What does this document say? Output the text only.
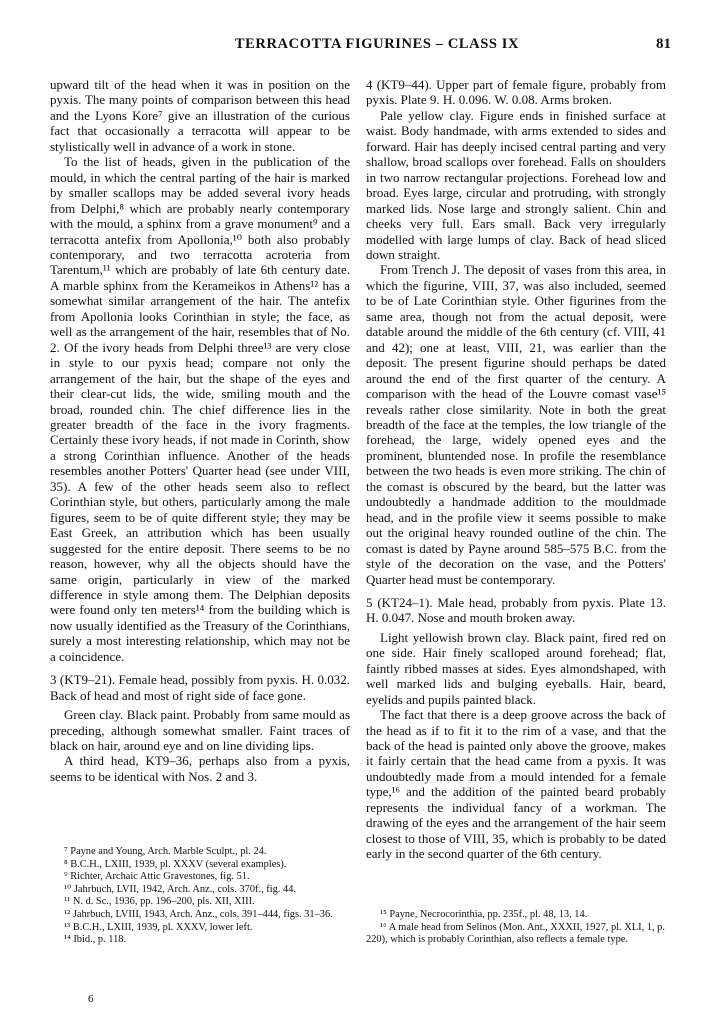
TERRACOTTA FIGURINES – CLASS IX	81

upward tilt of the head when it was in position on the pyxis. The many points of comparison between this head and the Lyons Kore⁷ give an illustration of the curious fact that occasionally a terracotta will appear to be stylistically well in advance of a work in stone.

To the list of heads, given in the publication of the mould, in which the central parting of the hair is marked by smaller scallops may be added several ivory heads from Delphi,⁸ which are probably nearly contemporary with the mould, a sphinx from a grave monument⁹ and a terracotta antefix from Apollonia,¹⁰ both also probably contemporary, and two terracotta acroteria from Tarentum,¹¹ which are probably of late 6th century date. A marble sphinx from the Kerameikos in Athens¹² has a somewhat similar arrangement of the hair. The antefix from Apollonia looks Corinthian in style; the face, as well as the arrangement of the hair, resembles that of No. 2. Of the ivory heads from Delphi three¹³ are very close in style to our pyxis head; compare not only the arrangement of the hair, but the shape of the eyes and their clear-cut lids, the wide, smiling mouth and the broad, rounded chin. The chief difference lies in the greater breadth of the face in the ivory fragments. Certainly these ivory heads, if not made in Corinth, show a strong Corinthian influence. Another of the heads resembles another Potters' Quarter head (see under VIII, 35). A few of the other heads seem also to reflect Corinthian style, but others, particularly among the male figures, seem to be of quite different style; they may be East Greek, an attribution which has been usually suggested for the entire deposit. There seems to be no reason, however, why all the objects should have the same origin, particularly in view of the marked difference in style among them. The Delphian deposits were found only ten meters¹⁴ from the building which is now usually identified as the Treasury of the Corinthians, surely a most interesting relationship, which may not be a coincidence.

3 (KT9–21). Female head, possibly from pyxis. H. 0.032. Back of head and most of right side of face gone.

Green clay. Black paint. Probably from same mould as preceding, although somewhat smaller. Faint traces of black on hair, around eye and on line dividing lips.

A third head, KT9–36, perhaps also from a pyxis, seems to be identical with Nos. 2 and 3.

⁷ Payne and Young, Arch. Marble Sculpt., pl. 24.

⁸ B.C.H., LXIII, 1939, pl. XXXV (several examples).

⁹ Richter, Archaic Attic Gravestones, fig. 51.

¹⁰ Jahrbuch, LVII, 1942, Arch. Anz., cols. 370f., fig. 44.

¹¹ N. d. Sc., 1936, pp. 196–200, pls. XII, XIII.

¹² Jahrbuch, LVIII, 1943, Arch. Anz., cols. 391–444, figs. 31–36.

¹³ B.C.H., LXIII, 1939, pl. XXXV, lower left.

¹⁴ Ibid., p. 118.

4 (KT9–44). Upper part of female figure, probably from pyxis. Plate 9. H. 0.096. W. 0.08. Arms broken.

Pale yellow clay. Figure ends in finished surface at waist. Body handmade, with arms extended to sides and forward. Hair has deeply incised central parting and very shallow, broad scallops over forehead. Falls on shoulders in two narrow rectangular projections. Forehead low and broad. Eyes large, circular and protruding, with strongly marked lids. Nose large and strongly salient. Chin and cheeks very full. Ears small. Back very irregularly modelled with large lumps of clay. Back of head sliced down straight.

From Trench J. The deposit of vases from this area, in which the figurine, VIII, 37, was also included, seemed to be of Late Corinthian style. Other figurines from the same area, though not from the actual deposit, were datable around the middle of the 6th century (cf. VIII, 41 and 42); one at least, VIII, 21, was earlier than the deposit. The present figurine should perhaps be dated around the end of the first quarter of the century. A comparison with the head of the Louvre comast vase¹⁵ reveals rather close similarity. Note in both the great breadth of the face at the temples, the low triangle of the forehead, the large, widely opened eyes and the prominent, bluntended nose. In profile the resemblance between the two heads is even more striking. The chin of the comast is obscured by the beard, but the latter was undoubtedly a handmade addition to the mouldmade head, and in the profile view it seems possible to make out the original heavy rounded outline of the chin. The comast is dated by Payne around 585–575 B.C. from the style of the decoration on the vase, and the Potters' Quarter head must be contemporary.

5 (KT24–1). Male head, probably from pyxis. Plate 13. H. 0.047. Nose and mouth broken away.

Light yellowish brown clay. Black paint, fired red on one side. Hair finely scalloped around forehead; flat, faintly ribbed masses at sides. Eyes almondshaped, with well marked lids and bulging eyeballs. Hair, beard, eyelids and pupils painted black.

The fact that there is a deep groove across the back of the head as if to fit it to the rim of a vase, and that the back of the head is painted only above the groove, makes it fairly certain that the head came from a pyxis. It was undoubtedly made from a mould intended for a female type,¹⁶ and the addition of the painted beard probably represents the individual fancy of a workman. The drawing of the eyes and the arrangement of the hair seem closest to those of VIII, 35, which is probably to be dated early in the second quarter of the 6th century.

¹⁵ Payne, Necrocorinthia, pp. 235f., pl. 48, 13, 14.

¹⁶ A male head from Selinos (Mon. Ant., XXXII, 1927, pl. XLI, 1, p. 220), which is probably Corinthian, also reflects a female type.

6
